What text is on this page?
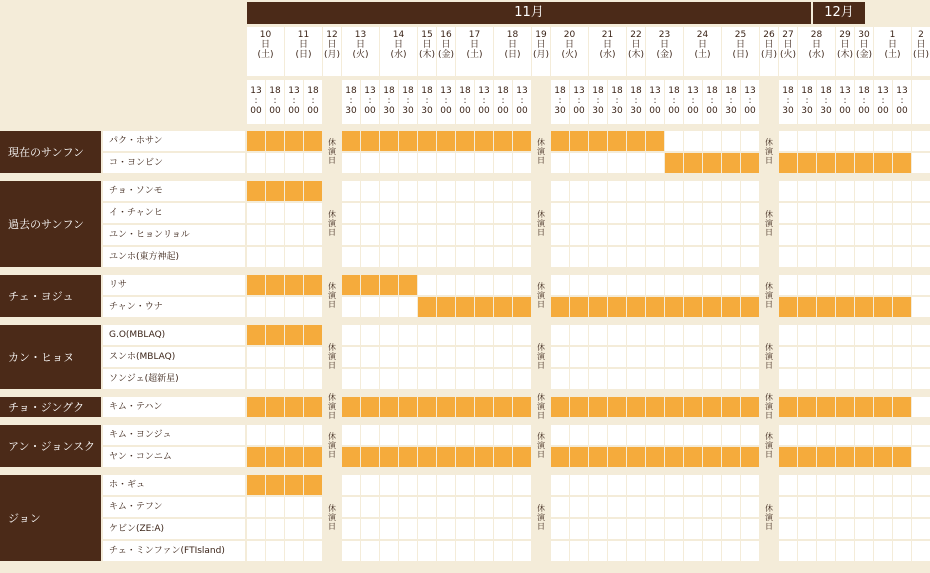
11月	12月
10
日
(土)
11
日
(日)
12
日
(月)
13
日
(火)
14
日
(水)
15
日
(木)
16
日
(金)
17
日
(土)
18
日
(日)
19
日
(月)
20
日
(火)
21
日
(水)
22
日
(木)
23
日
(金)
24
日
(土)
25
日
(日)
26
日
(月)
27
日
(火)
28
日
(水)
29
日
(木)
30
日
(金)
1
日
(土)
2
日
(日)
13
:
00
18
:
00
13
:
00
18
:
00
18
:
30
13
:
00
18
:
30
18
:
30
18
:
30
13
:
00
18
:
00
13
:
00
18
:
00
13
:
00
18
:
30
13
:
00
18
:
30
18
:
30
18
:
30
13
:
00
18
:
00
13
:
00
18
:
00
18
:
30
13
:
00
18
:
30
18
:
30
18
:
30
13
:
00
18
:
00
13
:
00
13
:
00
現在のサンフン
休
演
日
休
演
日
休
演
日
パク・ホサン
コ・ヨンビン
過去のサンフン
休
演
日
休
演
日
休
演
日
チョ・ソンモ
イ・チャンヒ
ユン・ヒョンリョル
ユンホ(東方神起)
チェ・ヨジュ
休
演
日
休
演
日
休
演
日
リサ
チャン・ウナ
カン・ヒョヌ
休
演
日
休
演
日
休
演
日
G.O(MBLAQ)
スンホ(MBLAQ)
ソンジェ(超新星)
チョ・ジングク
休
演
日
休
演
日
休
演
日
キム・テハン
アン・ジョンスク
休
演
日
休
演
日
休
演
日
キム・ヨンジュ
ヤン・コンニム
ジョン
休
演
日
休
演
日
休
演
日
ホ・ギュ
キム・テフン
ケビン(ZE:A)
チェ・ミンファン(FTIsland)
